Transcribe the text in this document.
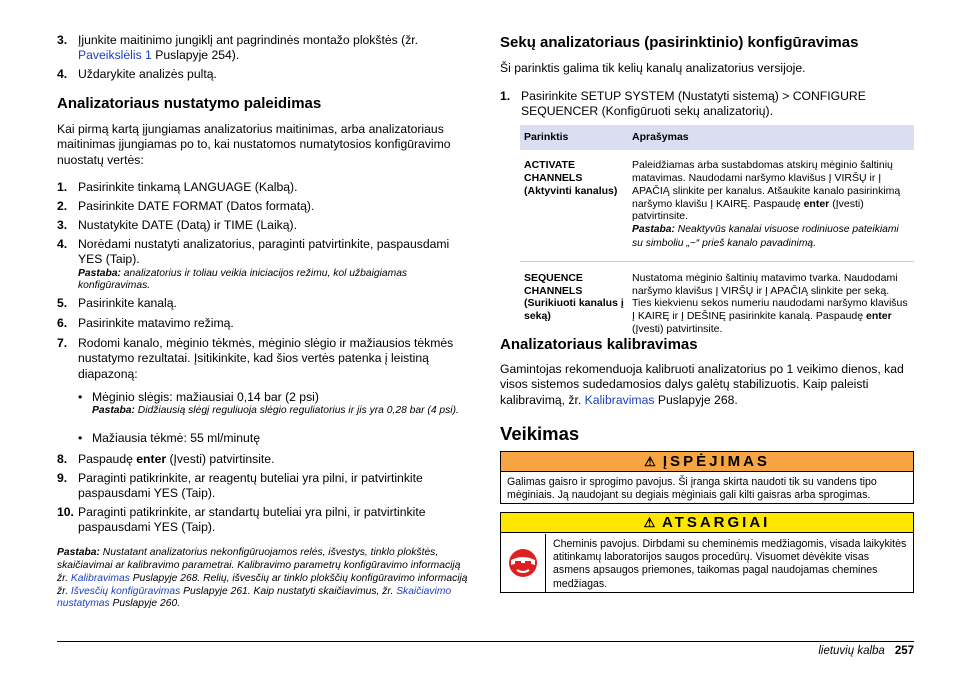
3. Įjunkite maitinimo jungiklį ant pagrindinės montažo plokštės (žr.
Paveikslėlis 1 Puslapyje 254).
4. Uždarykite analizės pultą.
Analizatoriaus nustatymo paleidimas
Kai pirmą kartą įjungiamas analizatorius maitinimas, arba analizatoriaus maitinimas įjungiamas po to, kai nustatomos numatytosios konfigūravimo nuostatų vertės:
1. Pasirinkite tinkamą LANGUAGE (Kalbą).
2. Pasirinkite DATE FORMAT (Datos formatą).
3. Nustatykite DATE (Datą) ir TIME (Laiką).
4. Norėdami nustatyti analizatorius, paraginti patvirtinkite, paspausdami YES (Taip).
Pastaba: analizatorius ir toliau veikia iniciacijos režimu, kol užbaigiamas konfigūravimas.
5. Pasirinkite kanalą.
6. Pasirinkite matavimo režimą.
7. Rodomi kanalo, mėginio tėkmės, mėginio slėgio ir mažiausios tėkmės nustatymo rezultatai. Įsitikinkite, kad šios vertės patenka į leistiną diapazoną:
• Mėginio slėgis: mažiausiai 0,14 bar (2 psi)
Pastaba: Didžiausią slėgį reguliuoja slėgio reguliatorius ir jis yra 0,28 bar (4 psi).
• Mažiausia tėkmė: 55 ml/minutę
8. Paspaudę enter (Įvesti) patvirtinsite.
9. Paraginti patikrinkite, ar reagentų buteliai yra pilni, ir patvirtinkite paspausdami YES (Taip).
10. Paraginti patikrinkite, ar standartų buteliai yra pilni, ir patvirtinkite paspausdami YES (Taip).
Pastaba: Nustatant analizatorius nekonfigūruojamos relės, išvestys, tinklo plokštės, skaičiavimai ar kalibravimo parametrai. Kalibravimo parametrų konfigūravimo informaciją žr. Kalibravimas Puslapyje 268. Relių, išvesčių ar tinklo plokščių konfigūravimo informaciją žr. Išvesčių konfigūravimas Puslapyje 261. Kaip nustatyti skaičiavimus, žr. Skaičiavimo nustatymas Puslapyje 260.
Sekų analizatoriaus (pasirinktinio) konfigūravimas
Ši parinktis galima tik kelių kanalų analizatorius versijoje.
1. Pasirinkite SETUP SYSTEM (Nustatyti sistemą) > CONFIGURE SEQUENCER (Konfigūruoti sekų analizatorių).
Parinktis	Aprašymas
ACTIVATE CHANNELS (Aktyvinti kanalus)	Paleidžiamas arba sustabdomas atskirų mėginio šaltinių matavimas. Naudodami naršymo klavišus Į VIRŠŲ ir Į APAČIĄ slinkite per kanalus. Atšaukite kanalo pasirinkimą naršymo klavišu Į KAIRĘ. Paspaudę enter (Įvesti) patvirtinsite.
Pastaba: Neaktyvūs kanalai visuose rodiniuose pateikiami su simboliu „~“ prieš kanalo pavadinimą.
SEQUENCE CHANNELS (Surikiuoti kanalus į seką)	Nustatoma mėginio šaltinių matavimo tvarka. Naudodami naršymo klavišus Į VIRŠŲ ir Į APAČIĄ slinkite per seką. Ties kiekvienu sekos numeriu naudodami naršymo klavišus Į KAIRĘ ir Į DEŠINĘ pasirinkite kanalą. Paspaudę enter (Įvesti) patvirtinsite.
Analizatoriaus kalibravimas
Gamintojas rekomenduoja kalibruoti analizatorius po 1 veikimo dienos, kad visos sistemos sudedamosios dalys galėtų stabilizuotis. Kaip paleisti kalibravimą, žr. Kalibravimas Puslapyje 268.
Veikimas
⚠ ĮSPĖJIMAS
Galimas gaisro ir sprogimo pavojus. Ši įranga skirta naudoti tik su vandens tipo mėginiais. Ją naudojant su degiais mėginiais gali kilti gaisras arba sprogimas.
⚠ ATSARGIAI
Cheminis pavojus. Dirbdami su cheminėmis medžiagomis, visada laikykitės atitinkamų laboratorijos saugos procedūrų. Visuomet dėvėkite visas asmens apsaugos priemones, taikomas pagal naudojamas chemines medžiagas.
lietuvių kalba 257
